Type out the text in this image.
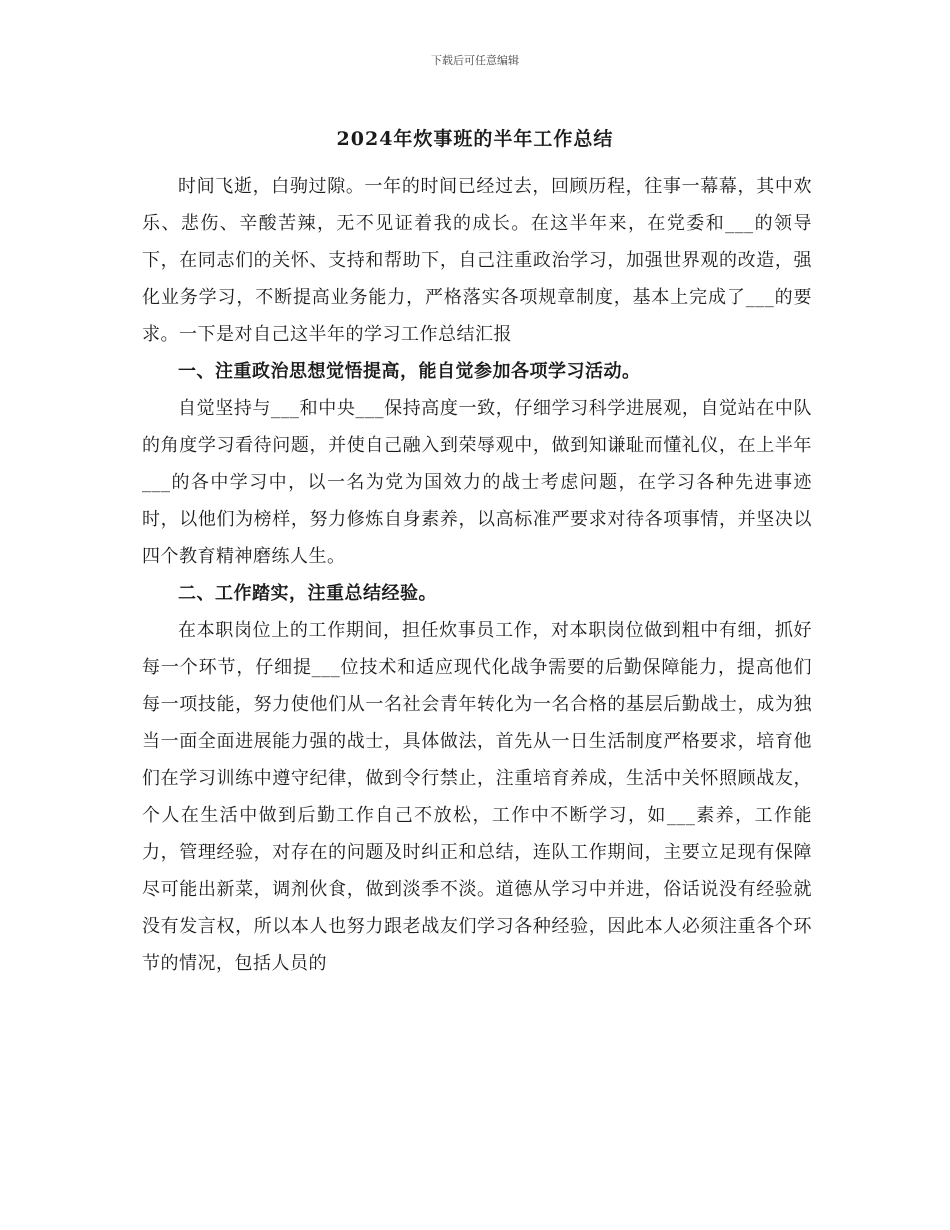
下载后可任意编辑
2024年炊事班的半年工作总结

时间飞逝，白驹过隙。一年的时间已经过去，回顾历程，往事一幕幕，其中欢乐、悲伤、辛酸苦辣，无不见证着我的成长。在这半年来，在党委和___的领导下，在同志们的关怀、支持和帮助下，自己注重政治学习，加强世界观的改造，强化业务学习，不断提高业务能力，严格落实各项规章制度，基本上完成了___的要求。一下是对自己这半年的学习工作总结汇报

一、注重政治思想觉悟提高，能自觉参加各项学习活动。

自觉坚持与___和中央___保持高度一致，仔细学习科学进展观，自觉站在中队的角度学习看待问题，并使自己融入到荣辱观中，做到知谦耻而懂礼仪，在上半年___的各中学习中，以一名为党为国效力的战士考虑问题，在学习各种先进事迹时，以他们为榜样，努力修炼自身素养，以高标准严要求对待各项事情，并坚决以四个教育精神磨练人生。

二、工作踏实，注重总结经验。

在本职岗位上的工作期间，担任炊事员工作，对本职岗位做到粗中有细，抓好每一个环节，仔细提___位技术和适应现代化战争需要的后勤保障能力，提高他们每一项技能，努力使他们从一名社会青年转化为一名合格的基层后勤战士，成为独当一面全面进展能力强的战士，具体做法，首先从一日生活制度严格要求，培育他们在学习训练中遵守纪律，做到令行禁止，注重培育养成，生活中关怀照顾战友，个人在生活中做到后勤工作自己不放松，工作中不断学习，如___素养，工作能力，管理经验，对存在的问题及时纠正和总结，连队工作期间，主要立足现有保障尽可能出新菜，调剂伙食，做到淡季不淡。道德从学习中并进，俗话说没有经验就没有发言权，所以本人也努力跟老战友们学习各种经验，因此本人必须注重各个环节的情况，包括人员的
